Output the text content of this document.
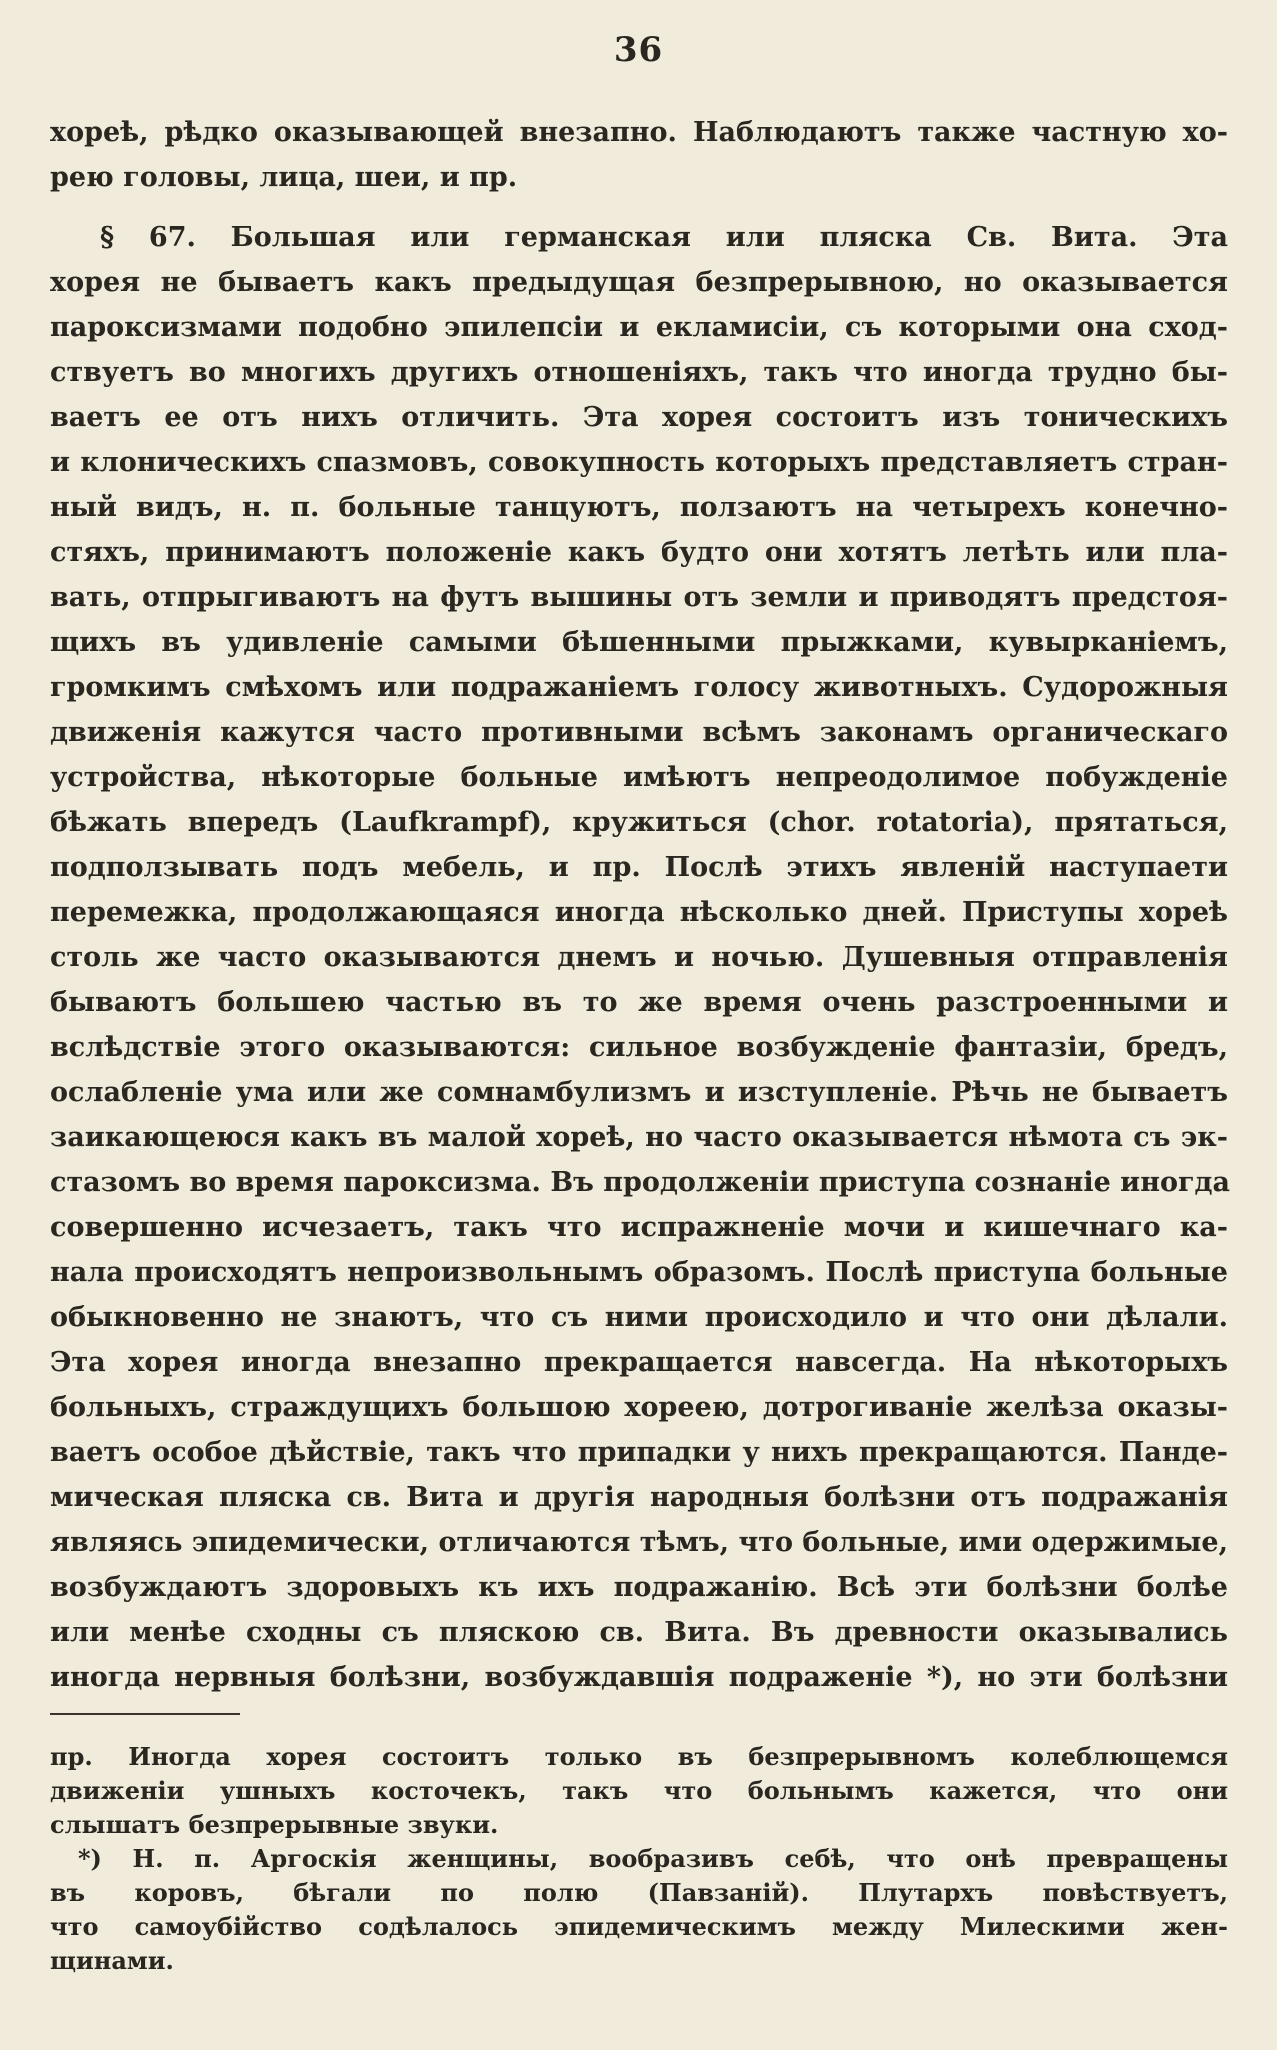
36
хореѣ, рѣдко оказывающей внезапно. Наблюдаютъ также частную хо-
рею головы, лица, шеи, и пр.
§ 67. Большая или германская или пляска Св. Вита. Эта
хорея не бываетъ какъ предыдущая безпрерывною, но оказывается
пароксизмами подобно эпилепсіи и екламисіи, съ которыми она сход-
ствуетъ во многихъ другихъ отношеніяхъ, такъ что иногда трудно бы-
ваетъ ее отъ нихъ отличить. Эта хорея состоитъ изъ тоническихъ
и клоническихъ спазмовъ, совокупность которыхъ представляетъ стран-
ный видъ, н. п. больные танцуютъ, ползаютъ на четырехъ конечно-
стяхъ, принимаютъ положеніе какъ будто они хотятъ летѣть или пла-
вать, отпрыгиваютъ на футъ вышины отъ земли и приводятъ предстоя-
щихъ въ удивленіе самыми бѣшенными прыжками, кувырканіемъ,
громкимъ смѣхомъ или подражаніемъ голосу животныхъ. Судорожныя
движенія кажутся часто противными всѣмъ законамъ органическаго
устройства, нѣкоторые больные имѣютъ непреодолимое побужденіе
бѣжать впередъ (Laufkrampf), кружиться (chor. rotatoria), прятаться,
подползывать подъ мебель, и пр. Послѣ этихъ явленій наступаети
перемежка, продолжающаяся иногда нѣсколько дней. Приступы хореѣ
столь же часто оказываются днемъ и ночью. Душевныя отправленія
бываютъ большею частью въ то же время очень разстроенными и
вслѣдствіе этого оказываются: сильное возбужденіе фантазіи, бредъ,
ослабленіе ума или же сомнамбулизмъ и изступленіе. Рѣчь не бываетъ
заикающеюся какъ въ малой хореѣ, но часто оказывается нѣмота съ эк-
стазомъ во время пароксизма. Въ продолженіи приступа сознаніе иногда
совершенно исчезаетъ, такъ что испражненіе мочи и кишечнаго ка-
нала происходятъ непроизвольнымъ образомъ. Послѣ приступа больные
обыкновенно не знаютъ, что съ ними происходило и что они дѣлали.
Эта хорея иногда внезапно прекращается навсегда. На нѣкоторыхъ
больныхъ, страждущихъ большою хореею, дотрогиваніе желѣза оказы-
ваетъ особое дѣйствіе, такъ что припадки у нихъ прекращаются. Панде-
мическая пляска св. Вита и другія народныя болѣзни отъ подражанія
являясь эпидемически, отличаются тѣмъ, что больные, ими одержимые,
возбуждаютъ здоровыхъ къ ихъ подражанію. Всѣ эти болѣзни болѣе
или менѣе сходны съ пляскою св. Вита. Въ древности оказывались
иногда нервныя болѣзни, возбуждавшія подраженіе *), но эти болѣзни
пр. Иногда хорея состоитъ только въ безпрерывномъ колеблющемся
движеніи ушныхъ косточекъ, такъ что больнымъ кажется, что они
слышатъ безпрерывные звуки.
*) Н. п. Аргоскія женщины, вообразивъ себѣ, что онѣ превращены
въ коровъ, бѣгали по полю (Павзаній). Плутархъ повѣствуетъ,
что самоубійство содѣлалось эпидемическимъ между Милескими жен-
щинами.
